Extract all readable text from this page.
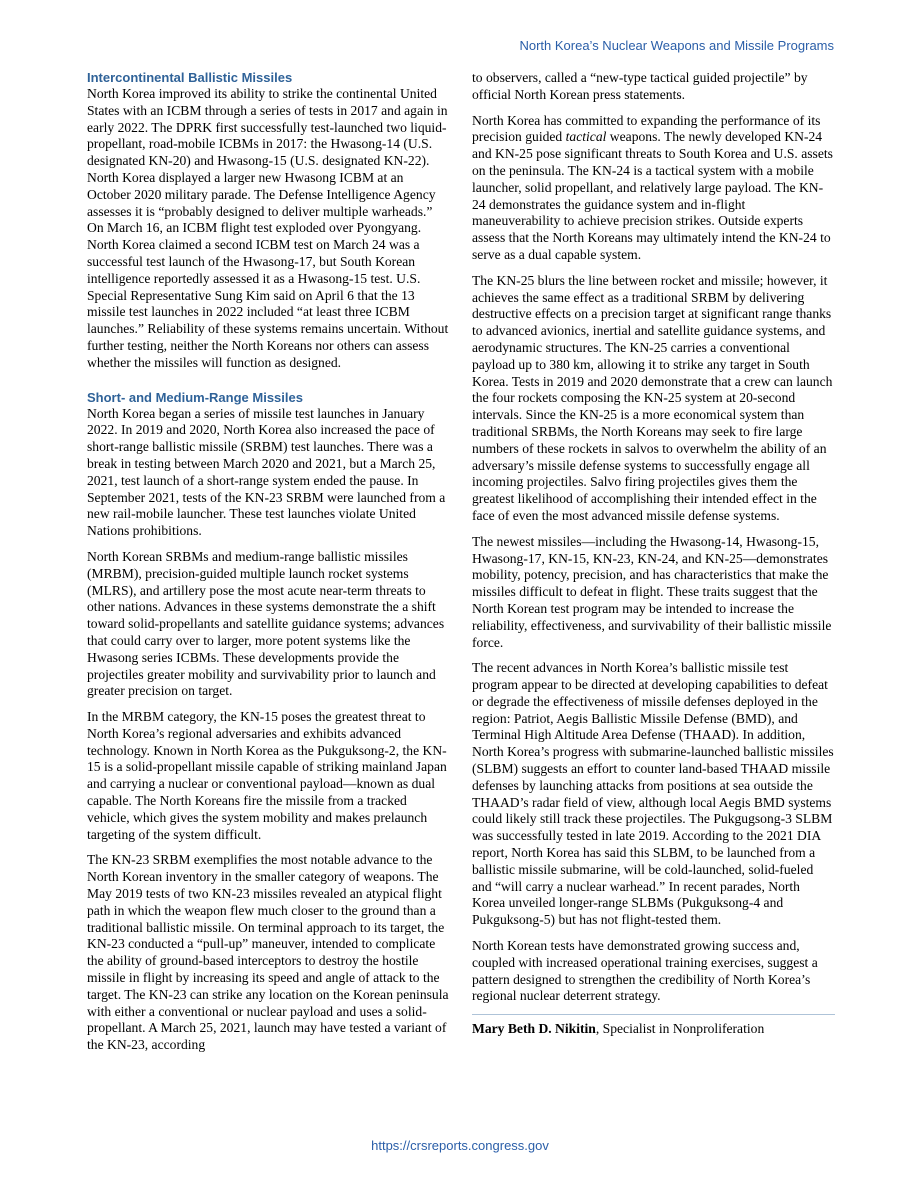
North Korea’s Nuclear Weapons and Missile Programs
Intercontinental Ballistic Missiles

North Korea improved its ability to strike the continental United States with an ICBM through a series of tests in 2017 and again in early 2022. The DPRK first successfully test-launched two liquid-propellant, road-mobile ICBMs in 2017: the Hwasong-14 (U.S. designated KN-20) and Hwasong-15 (U.S. designated KN-22). North Korea displayed a larger new Hwasong ICBM at an October 2020 military parade. The Defense Intelligence Agency assesses it is “probably designed to deliver multiple warheads.” On March 16, an ICBM flight test exploded over Pyongyang. North Korea claimed a second ICBM test on March 24 was a successful test launch of the Hwasong-17, but South Korean intelligence reportedly assessed it as a Hwasong-15 test. U.S. Special Representative Sung Kim said on April 6 that the 13 missile test launches in 2022 included “at least three ICBM launches.” Reliability of these systems remains uncertain. Without further testing, neither the North Koreans nor others can assess whether the missiles will function as designed.

Short- and Medium-Range Missiles

North Korea began a series of missile test launches in January 2022. In 2019 and 2020, North Korea also increased the pace of short-range ballistic missile (SRBM) test launches. There was a break in testing between March 2020 and 2021, but a March 25, 2021, test launch of a short-range system ended the pause. In September 2021, tests of the KN-23 SRBM were launched from a new rail-mobile launcher. These test launches violate United Nations prohibitions.

North Korean SRBMs and medium-range ballistic missiles (MRBM), precision-guided multiple launch rocket systems (MLRS), and artillery pose the most acute near-term threats to other nations. Advances in these systems demonstrate the a shift toward solid-propellants and satellite guidance systems; advances that could carry over to larger, more potent systems like the Hwasong series ICBMs. These developments provide the projectiles greater mobility and survivability prior to launch and greater precision on target.

In the MRBM category, the KN-15 poses the greatest threat to North Korea’s regional adversaries and exhibits advanced technology. Known in North Korea as the Pukguksong-2, the KN-15 is a solid-propellant missile capable of striking mainland Japan and carrying a nuclear or conventional payload—known as dual capable. The North Koreans fire the missile from a tracked vehicle, which gives the system mobility and makes prelaunch targeting of the system difficult.

The KN-23 SRBM exemplifies the most notable advance to the North Korean inventory in the smaller category of weapons. The May 2019 tests of two KN-23 missiles revealed an atypical flight path in which the weapon flew much closer to the ground than a traditional ballistic missile. On terminal approach to its target, the KN-23 conducted a “pull-up” maneuver, intended to complicate the ability of ground-based interceptors to destroy the hostile missile in flight by increasing its speed and angle of attack to the target. The KN-23 can strike any location on the Korean peninsula with either a conventional or nuclear payload and uses a solid-propellant. A March 25, 2021, launch may have tested a variant of the KN-23, according

to observers, called a “new-type tactical guided projectile” by official North Korean press statements.

North Korea has committed to expanding the performance of its precision guided tactical weapons. The newly developed KN-24 and KN-25 pose significant threats to South Korea and U.S. assets on the peninsula. The KN-24 is a tactical system with a mobile launcher, solid propellant, and relatively large payload. The KN-24 demonstrates the guidance system and in-flight maneuverability to achieve precision strikes. Outside experts assess that the North Koreans may ultimately intend the KN-24 to serve as a dual capable system.

The KN-25 blurs the line between rocket and missile; however, it achieves the same effect as a traditional SRBM by delivering destructive effects on a precision target at significant range thanks to advanced avionics, inertial and satellite guidance systems, and aerodynamic structures. The KN-25 carries a conventional payload up to 380 km, allowing it to strike any target in South Korea. Tests in 2019 and 2020 demonstrate that a crew can launch the four rockets composing the KN-25 system at 20-second intervals. Since the KN-25 is a more economical system than traditional SRBMs, the North Koreans may seek to fire large numbers of these rockets in salvos to overwhelm the ability of an adversary’s missile defense systems to successfully engage all incoming projectiles. Salvo firing projectiles gives them the greatest likelihood of accomplishing their intended effect in the face of even the most advanced missile defense systems.

The newest missiles—including the Hwasong-14, Hwasong-15, Hwasong-17, KN-15, KN-23, KN-24, and KN-25—demonstrates mobility, potency, precision, and has characteristics that make the missiles difficult to defeat in flight. These traits suggest that the North Korean test program may be intended to increase the reliability, effectiveness, and survivability of their ballistic missile force.

The recent advances in North Korea’s ballistic missile test program appear to be directed at developing capabilities to defeat or degrade the effectiveness of missile defenses deployed in the region: Patriot, Aegis Ballistic Missile Defense (BMD), and Terminal High Altitude Area Defense (THAAD). In addition, North Korea’s progress with submarine-launched ballistic missiles (SLBM) suggests an effort to counter land-based THAAD missile defenses by launching attacks from positions at sea outside the THAAD’s radar field of view, although local Aegis BMD systems could likely still track these projectiles. The Pukgugsong-3 SLBM was successfully tested in late 2019. According to the 2021 DIA report, North Korea has said this SLBM, to be launched from a ballistic missile submarine, will be cold-launched, solid-fueled and “will carry a nuclear warhead.” In recent parades, North Korea unveiled longer-range SLBMs (Pukguksong-4 and Pukguksong-5) but has not flight-tested them.

North Korean tests have demonstrated growing success and, coupled with increased operational training exercises, suggest a pattern designed to strengthen the credibility of North Korea’s regional nuclear deterrent strategy.

Mary Beth D. Nikitin, Specialist in Nonproliferation

https://crsreports.congress.gov
